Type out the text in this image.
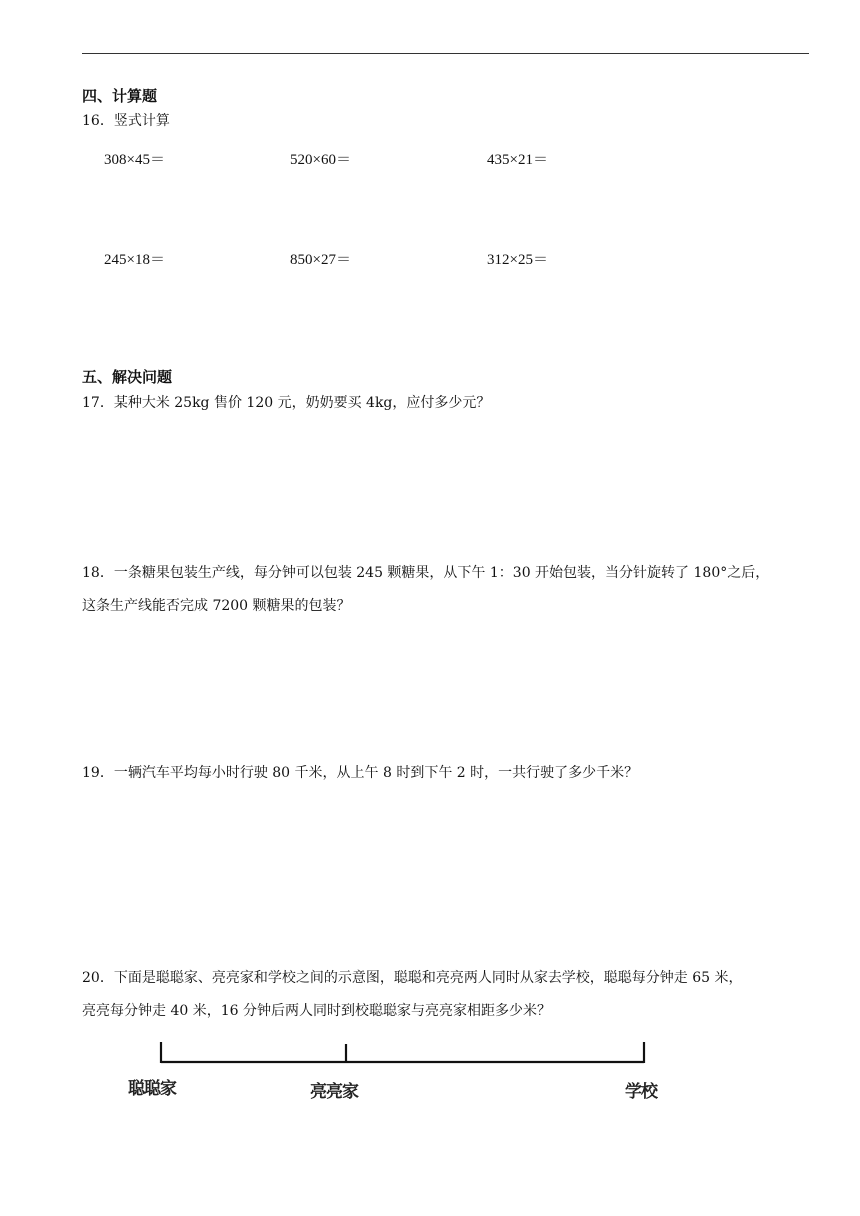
四、计算题
16．竖式计算
308×45＝	520×60＝	435×21＝
245×18＝	850×27＝	312×25＝
五、解决问题
17．某种大米 25kg 售价 120 元，奶奶要买 4kg，应付多少元？
18．一条糖果包装生产线，每分钟可以包装 245 颗糖果，从下午 1：30 开始包装，当分针旋转了 180°之后，
这条生产线能否完成 7200 颗糖果的包装？
19．一辆汽车平均每小时行驶 80 千米，从上午 8 时到下午 2 时，一共行驶了多少千米？
20．下面是聪聪家、亮亮家和学校之间的示意图，聪聪和亮亮两人同时从家去学校，聪聪每分钟走 65 米，
亮亮每分钟走 40 米，16 分钟后两人同时到校聪聪家与亮亮家相距多少米？
聪聪家	亮亮家	学校
